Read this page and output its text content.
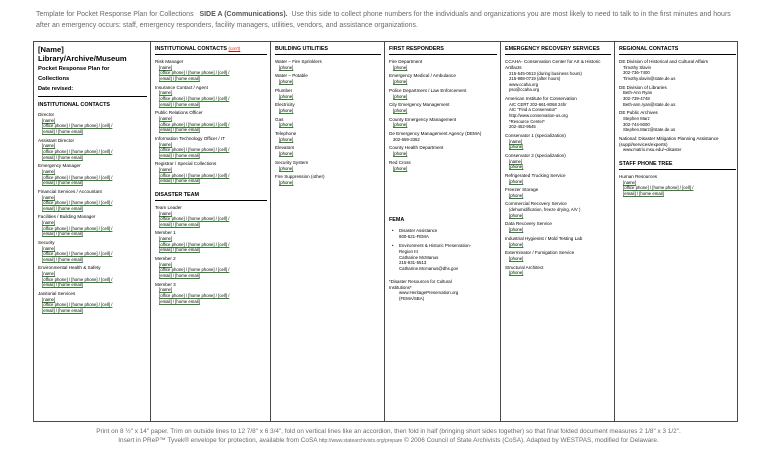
Template for Pocket Response Plan for Collections SIDE A (Communications). Use this side to collect phone numbers for the individuals and organizations you are most likely to need to talk to in the first minutes and hours after an emergency occurs: staff, emergency responders, facility managers, utilities, vendors, and assistance organizations.
[Name]
Library/Archive/Museum
Pocket Response Plan for
Collections
Date revised:
INSTITUTIONAL CONTACTS
Director
[name]
[office phone] / [home phone] / [cell] /
[email] / [home email]
Assistant Director
[name]
[office phone] / [home phone] / [cell] /
[email] / [home email]
Emergency Manager
[name]
[office phone] / [home phone] / [cell] /
[email] / [home email]
Financial Services / Accountant
[name]
[office phone] / [home phone] / [cell] /
[email] / [home email]
Facilities / Building Manager
[name]
[office phone] / [home phone] / [cell] /
[email] / [home email]
Security
[name]
[office phone] / [home phone] / [cell] /
[email] / [home email]
Environmental Health & Safety
[name]
[office phone] / [home phone] / [cell] /
[email] / [home email]
Janitorial Services
[name]
[office phone] / [home phone] / [cell] /
[email] / [home email]
INSTITUTIONAL CONTACTS (con't)
Risk Manager
[name]
[office phone] / [home phone] / [cell] /
[email] / [home email]
Insurance Contact / Agent
[name]
[office phone] / [home phone] / [cell] /
[email] / [home email]
Public Relations Officer
[name]
[office phone] / [home phone] / [cell] /
[email] / [home email]
Information Technology Officer / IT
[name]
[office phone] / [home phone] / [cell] /
[email] / [home email]
Registrar / Special Collections
[name]
[office phone] / [home phone] / [cell] /
[email] / [home email]
DISASTER TEAM
Team Leader
[name]
[office phone] / [home phone] / [cell] /
[email] / [home email]
Member 1
[name]
[office phone] / [home phone] / [cell] /
[email] / [home email]
Member 2
[name]
[office phone] / [home phone] / [cell] /
[email] / [home email]
Member 3
[name]
[office phone] / [home phone] / [cell] /
[email] / [home email]
BUILDING UTILITIES
Water – Fire Sprinklers
[phone]
Water – Potable
[phone]
Plumber
[phone]
Electricity
[phone]
Gas
[phone]
Telephone
[phone]
Elevators
[phone]
Security System
[phone]
Fire Suppression (other)
[phone]
FIRST RESPONDERS
Fire Department
[phone]
Emergency Medical / Ambulance
[phone]
Police Department / Law Enforcement
[phone]
City Emergency Management
[phone]
County Emergency Management
[phone]
De Emergency Management Agency (DEMA)
302-659-3362
County Health Department
[phone]
Red Cross
[phone]
FEMA
• Disaster Assistance
800-621-FEMA
• Environment & Historic Preservation-
Region III
Catharine McManus
215-931-5513
Catharine.Mcmanus@dhs.gov
*Disaster Resources for Cultural
Institutions*
www.HeritagePreservation.org
(FEMA/SBA)
EMERGENCY RECOVERY SERVICES
CCAHA- Conservation Center for Art & Historic Artifacts
215-545-0613 (during business hours)
215-988-0719 (after hours)
www.ccaha.org
pso@ccaha.org
American Institute for Conservation
AIC CERT 202-661-8068 24hr
AIC "Find a Conservator"
http://www.conservation-us.org
*Resource Center*
202-452-9545
Conservator 1 (specialization)
[name]
[phone]
Conservator 2 (specialization)
[name]
[phone]
Refrigerated Trucking Service
[phone]
Freezer Storage
[phone]
Commercial Recovery Service
(dehumidification, freeze drying, A/V )
[phone]
Data Recovery Service
[phone]
Industrial Hygienist / Mold Testing Lab
[phone]
Exterminator / Fumigation Service
[phone]
Structural Architect
[phone]
REGIONAL CONTACTS
DE Division of Historical and Cultural Affairs
Timothy Slavin
302-736-7400
Timothy.slavin@state.de.us
DE Division of Libraries
Beth-Ann Ryan
302-739-4748
Beth-ann.ryan@state.de.us
DE Public Archives
Stephen Marz
302-744-5000
Stephen.Marz@state.de.us
National: Disaster Mitigation Planning Assistance (suppl/services/experts)
www.matrix.msu.edu/~disaster
STAFF PHONE TREE
Human Resources
[name]
[office phone] / [home phone] / [cell] /
[email] / [home email]
Print on 8 ½" x 14" paper. Trim on outside lines to 12 7/8" x 6 3/4", fold on vertical lines like an accordion, then fold in half (bringing short sides together) so that final folded document measures 2 1/8" x 3 1/2".
Insert in PReP™ Tyvek® envelope for protection, available from CoSA http://www.statearchivists.org/prepare © 2006 Council of State Archivists (CoSA). Adapted by WESTPAS, modified for Delaware.
